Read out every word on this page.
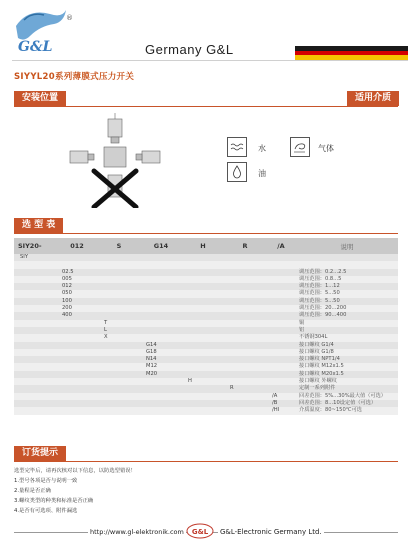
G&L
®
Germany G&L
SIYYL20系列薄膜式压力开关
安装位置	适用介质
水	气体
油
选 型 表
SIY20-	012	S	G14	H	R	/A	说明
SIY							

	02.5						调压范围：0.2...2.5
	005						调压范围：0.8...5
	012						调压范围：1...12
	050						调压范围：5...50
	100						调压范围：5...50
	200						调压范围：20...200
	400						调压范围：90...400
		T					铜
		L					铝
		X					不锈钢304L
			G14				接口螺纹 G1/4
			G18				接口螺纹 G1/8
			N14				接口螺纹 NPT1/4
			M12				接口螺纹 M12x1.5
			M20				接口螺纹 M20x1.5
				H			接口螺纹 外螺纹
					R		定制一系列附件
						/A	回差范围：5%...30%最大值（可选）
						/B	回差范围：8...10设定值（可选）
						/HI	介质温度：80~150℃可选
订货提示
选型完毕后，请再次核对以下信息，以防选型错误！
1.型号各项是否与说明一致
2.量程是否正确
3.螺纹类型的种类和标准是否正确
4.是否有可选项、附件漏选
http://www.gl-elektronik.com G&L G&L-Electronic Germany Ltd.
